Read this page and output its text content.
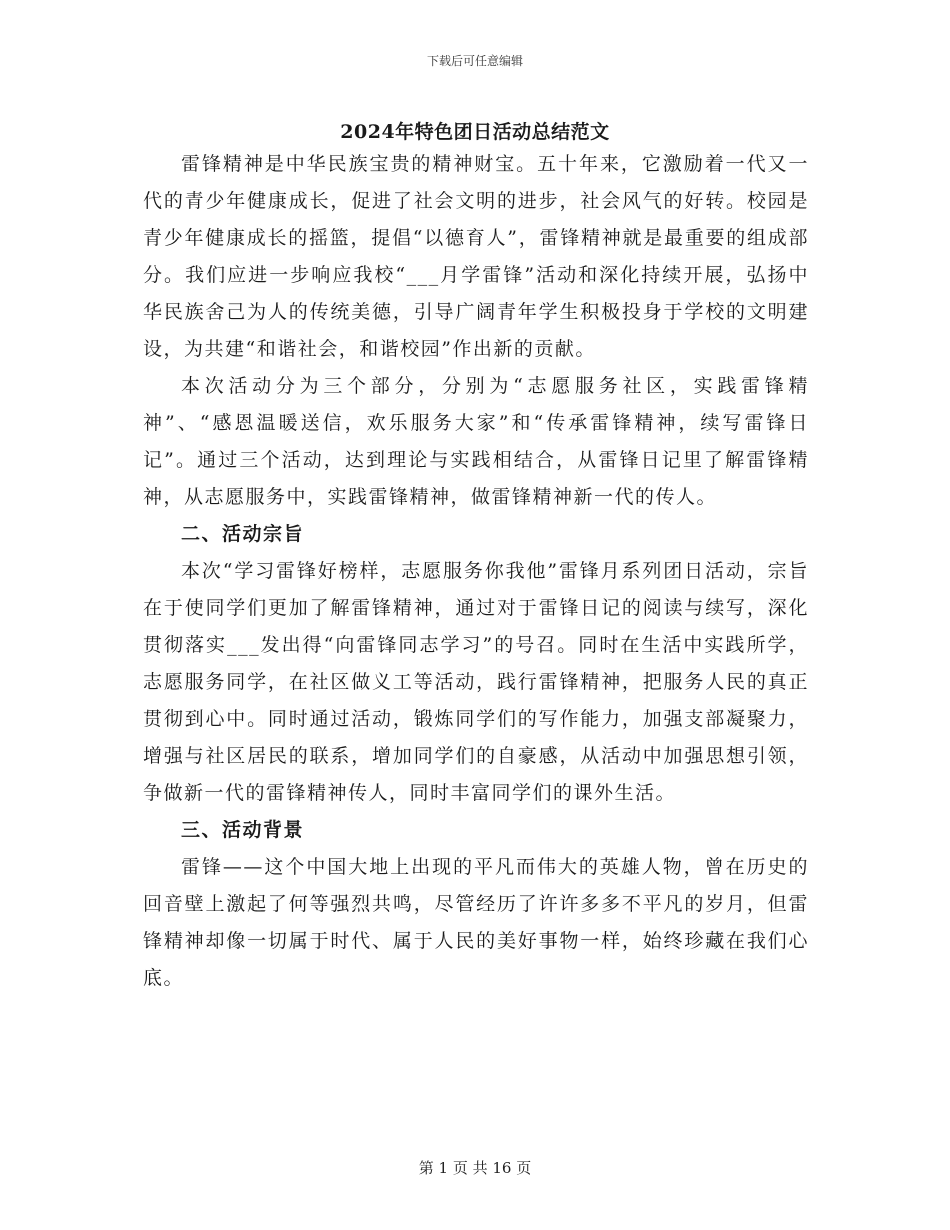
下载后可任意编辑
2024年特色团日活动总结范文

雷锋精神是中华民族宝贵的精神财宝。五十年来，它激励着一代又一代的青少年健康成长，促进了社会文明的进步，社会风气的好转。校园是青少年健康成长的摇篮，提倡“以德育人”，雷锋精神就是最重要的组成部分。我们应进一步响应我校“___月学雷锋”活动和深化持续开展，弘扬中华民族舍己为人的传统美德，引导广阔青年学生积极投身于学校的文明建设，为共建“和谐社会，和谐校园”作出新的贡献。

本次活动分为三个部分，分别为“志愿服务社区，实践雷锋精神”、“感恩温暖送信，欢乐服务大家”和“传承雷锋精神，续写雷锋日记”。通过三个活动，达到理论与实践相结合，从雷锋日记里了解雷锋精神，从志愿服务中，实践雷锋精神，做雷锋精神新一代的传人。

二、活动宗旨

本次“学习雷锋好榜样，志愿服务你我他”雷锋月系列团日活动，宗旨在于使同学们更加了解雷锋精神，通过对于雷锋日记的阅读与续写，深化贯彻落实___发出得“向雷锋同志学习”的号召。同时在生活中实践所学，志愿服务同学，在社区做义工等活动，践行雷锋精神，把服务人民的真正贯彻到心中。同时通过活动，锻炼同学们的写作能力，加强支部凝聚力，增强与社区居民的联系，增加同学们的自豪感，从活动中加强思想引领，争做新一代的雷锋精神传人，同时丰富同学们的课外生活。

三、活动背景

雷锋——这个中国大地上出现的平凡而伟大的英雄人物，曾在历史的回音壁上激起了何等强烈共鸣，尽管经历了许许多多不平凡的岁月，但雷锋精神却像一切属于时代、属于人民的美好事物一样，始终珍藏在我们心底。

第 1 页 共 16 页
